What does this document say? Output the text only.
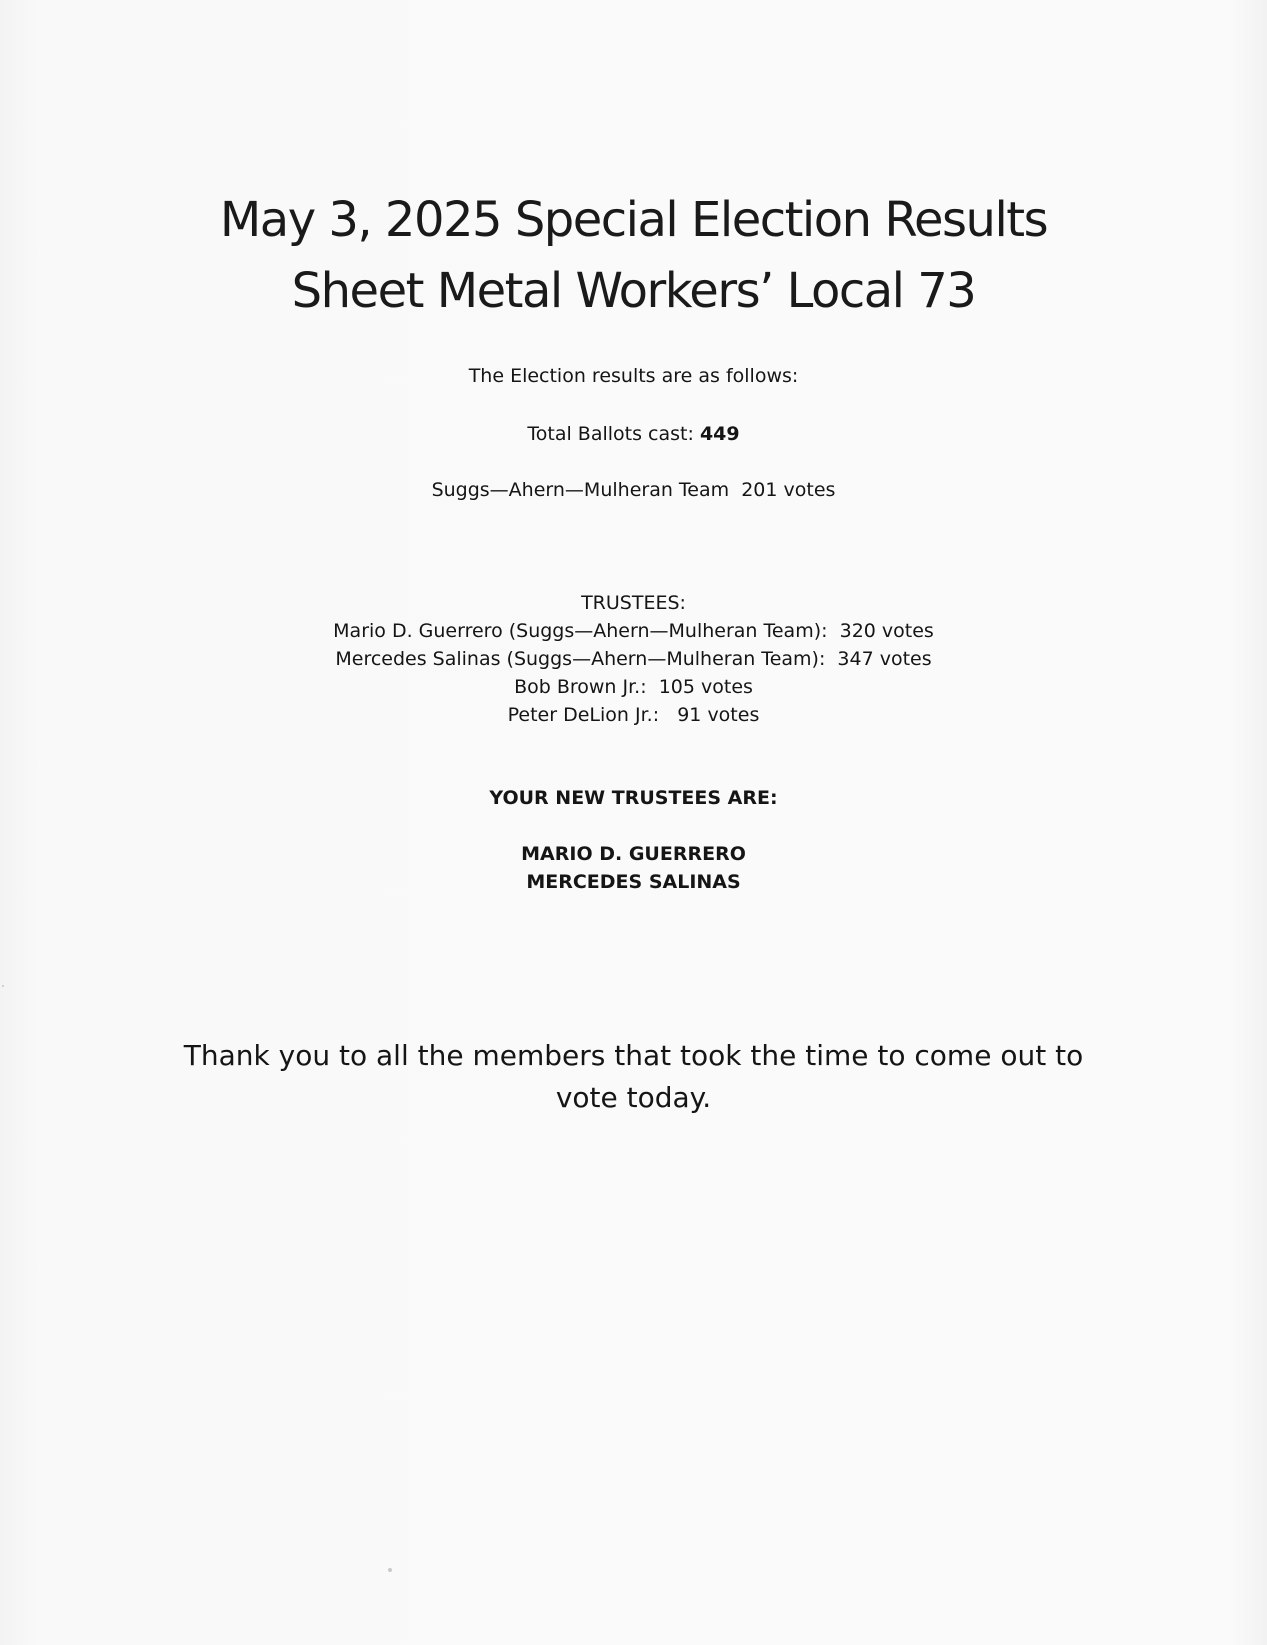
May 3, 2025 Special Election Results
Sheet Metal Workers’ Local 73
The Election results are as follows:
Total Ballots cast: 449
Suggs—Ahern—Mulheran Team  201 votes
TRUSTEES:
Mario D. Guerrero (Suggs—Ahern—Mulheran Team):  320 votes
Mercedes Salinas (Suggs—Ahern—Mulheran Team):  347 votes
Bob Brown Jr.:  105 votes
Peter DeLion Jr.:   91 votes
YOUR NEW TRUSTEES ARE:
MARIO D. GUERRERO
MERCEDES SALINAS
Thank you to all the members that took the time to come out to vote today.
